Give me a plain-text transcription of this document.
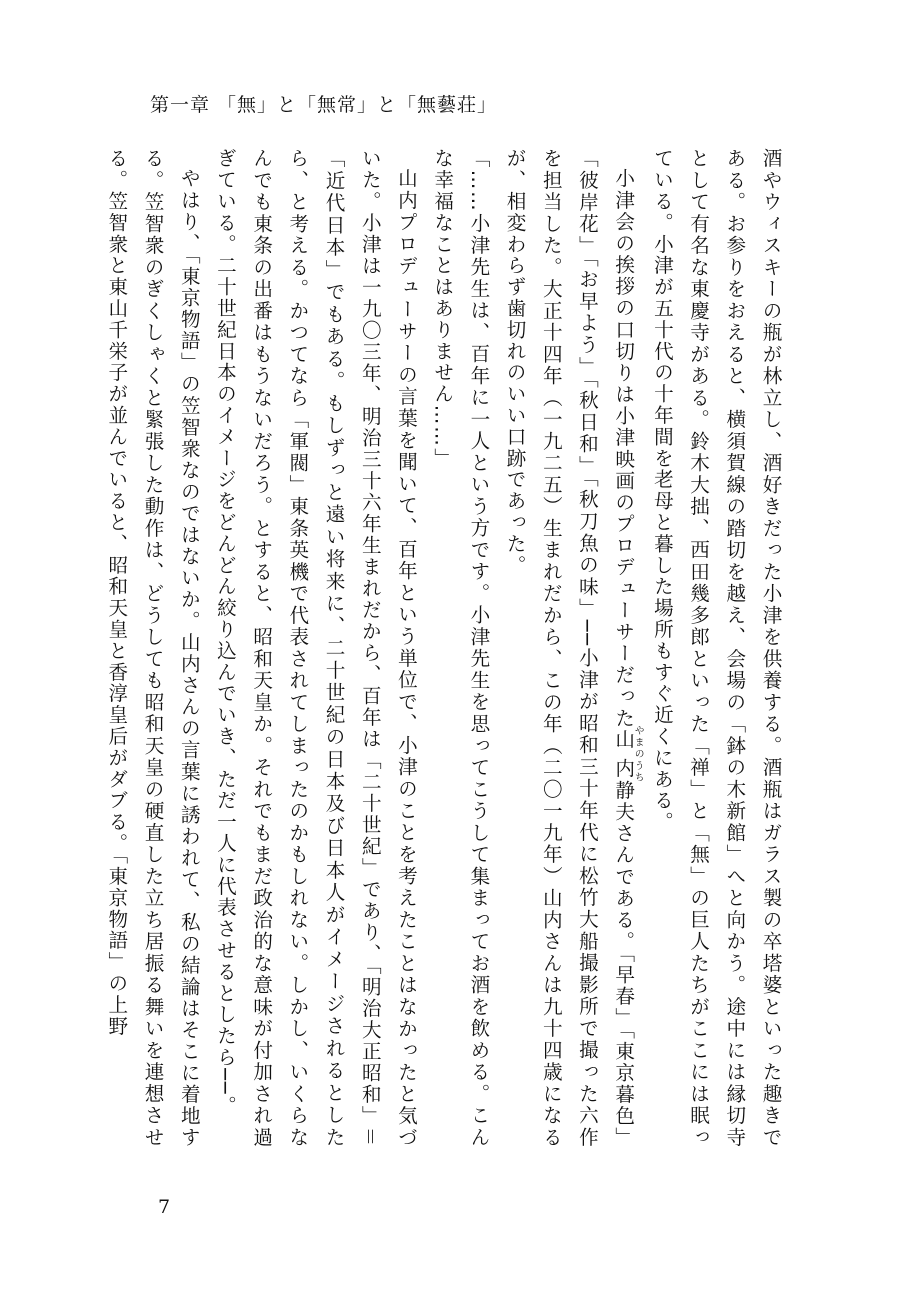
第一章 「無」と「無常」と「無藝荘」

酒やウィスキーの瓶が林立し、酒好きだった小津を供養する。酒瓶はガラス製の卒塔婆といった趣きである。お参りをおえると、横須賀線の踏切を越え、会場の「鉢の木新館」へと向かう。途中には縁切寺として有名な東慶寺がある。鈴木大拙、西田幾多郎といった「禅」と「無」の巨人たちがここには眠っている。小津が五十代の十年間を老母と暮した場所もすぐ近くにある。

小津会の挨拶の口切りは小津映画のプロデューサーだった山内やまのうち静夫さんである。「早春」「東京暮色」「彼岸花」「お早よう」「秋日和」「秋刀魚の味」──小津が昭和三十年代に松竹大船撮影所で撮った六作を担当した。大正十四年（一九二五）生まれだから、この年（二〇一九年）山内さんは九十四歳になるが、相変わらず歯切れのいい口跡であった。

「……小津先生は、百年に一人という方です。小津先生を思ってこうして集まってお酒を飲める。こんな幸福なことはありません……」

山内プロデューサーの言葉を聞いて、百年という単位で、小津のことを考えたことはなかったと気づいた。小津は一九〇三年、明治三十六年生まれだから、百年は「二十世紀」であり、「明治大正昭和」＝「近代日本」でもある。もしずっと遠い将来に、二十世紀の日本及び日本人がイメージされるとしたら、と考える。かつてなら「軍閥」東条英機で代表されてしまったのかもしれない。しかし、いくらなんでも東条の出番はもうないだろう。とすると、昭和天皇か。それでもまだ政治的な意味が付加され過ぎている。二十世紀日本のイメージをどんどん絞り込んでいき、ただ一人に代表させるとしたら──。

やはり、「東京物語」の笠智衆なのではないか。山内さんの言葉に誘われて、私の結論はそこに着地する。笠智衆のぎくしゃくと緊張した動作は、どうしても昭和天皇の硬直した立ち居振る舞いを連想させる。笠智衆と東山千栄子が並んでいると、昭和天皇と香淳皇后がダブる。「東京物語」の上野

7
